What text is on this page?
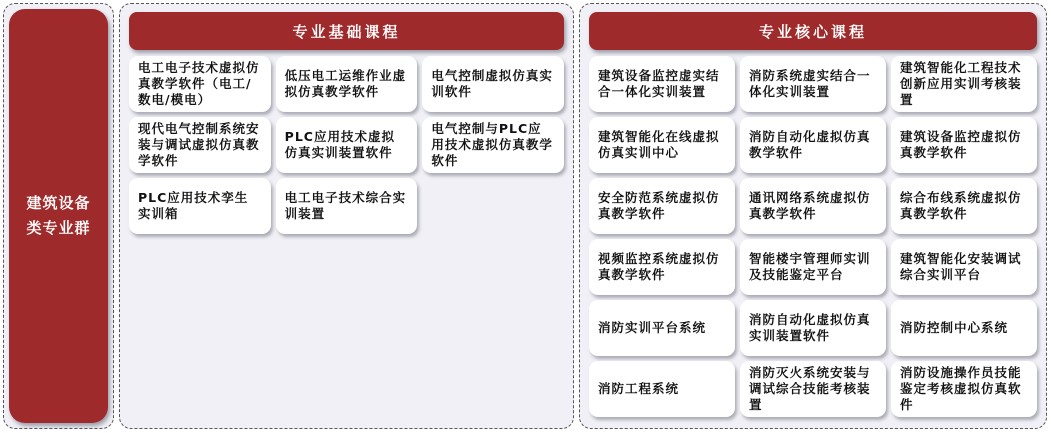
建筑设备类专业群
专业基础课程
电工电子技术虚拟仿真教学软件（电工/数电/模电）
低压电工运维作业虚拟仿真教学软件
电气控制虚拟仿真实训软件
现代电气控制系统安装与调试虚拟仿真教学软件
PLC应用技术虚拟仿真实训装置软件
电气控制与PLC应用技术虚拟仿真教学软件
PLC应用技术孪生实训箱
电工电子技术综合实训装置
专业核心课程
建筑设备监控虚实结合一体化实训装置
消防系统虚实结合一体化实训装置
建筑智能化工程技术创新应用实训考核装置
建筑智能化在线虚拟仿真实训中心
消防自动化虚拟仿真教学软件
建筑设备监控虚拟仿真教学软件
安全防范系统虚拟仿真教学软件
通讯网络系统虚拟仿真教学软件
综合布线系统虚拟仿真教学软件
视频监控系统虚拟仿真教学软件
智能楼宇管理师实训及技能鉴定平台
建筑智能化安装调试综合实训平台
消防实训平台系统
消防自动化虚拟仿真实训装置软件
消防控制中心系统
消防工程系统
消防灭火系统安装与调试综合技能考核装置
消防设施操作员技能鉴定考核虚拟仿真软件
